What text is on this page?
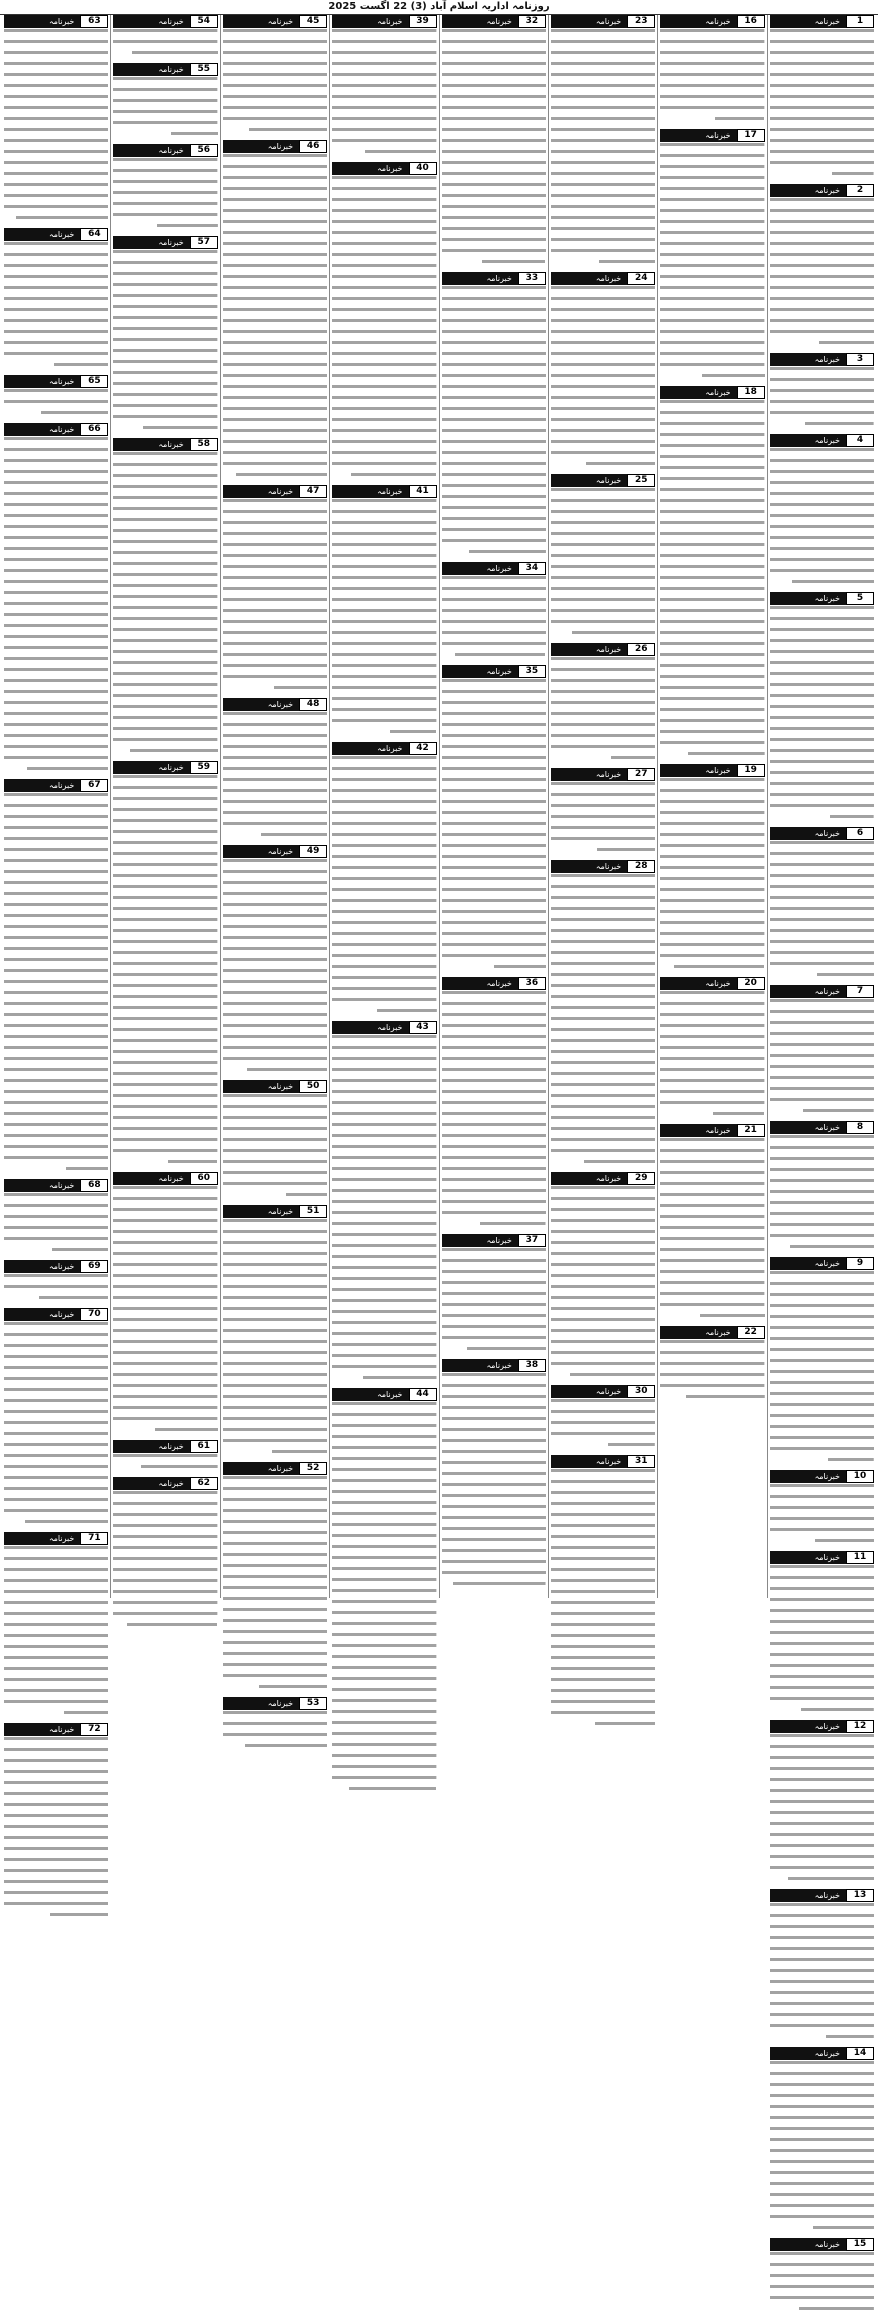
روزنامہ اداریہ اسلام آباد (3) 22 اگست 2025
1
خبرنامہ
2
خبرنامہ
3
خبرنامہ
4
خبرنامہ
5
خبرنامہ
6
خبرنامہ
7
خبرنامہ
8
خبرنامہ
9
خبرنامہ
10
خبرنامہ
11
خبرنامہ
12
خبرنامہ
13
خبرنامہ
14
خبرنامہ
15
خبرنامہ
16
خبرنامہ
17
خبرنامہ
18
خبرنامہ
19
خبرنامہ
20
خبرنامہ
21
خبرنامہ
22
خبرنامہ
23
خبرنامہ
24
خبرنامہ
25
خبرنامہ
26
خبرنامہ
27
خبرنامہ
28
خبرنامہ
29
خبرنامہ
30
خبرنامہ
31
خبرنامہ
32
خبرنامہ
33
خبرنامہ
34
خبرنامہ
35
خبرنامہ
36
خبرنامہ
37
خبرنامہ
38
خبرنامہ
39
خبرنامہ
40
خبرنامہ
41
خبرنامہ
42
خبرنامہ
43
خبرنامہ
44
خبرنامہ
45
خبرنامہ
46
خبرنامہ
47
خبرنامہ
48
خبرنامہ
49
خبرنامہ
50
خبرنامہ
51
خبرنامہ
52
خبرنامہ
53
خبرنامہ
54
خبرنامہ
55
خبرنامہ
56
خبرنامہ
57
خبرنامہ
58
خبرنامہ
59
خبرنامہ
60
خبرنامہ
61
خبرنامہ
62
خبرنامہ
63
خبرنامہ
64
خبرنامہ
65
خبرنامہ
66
خبرنامہ
67
خبرنامہ
68
خبرنامہ
69
خبرنامہ
70
خبرنامہ
71
خبرنامہ
72
خبرنامہ
